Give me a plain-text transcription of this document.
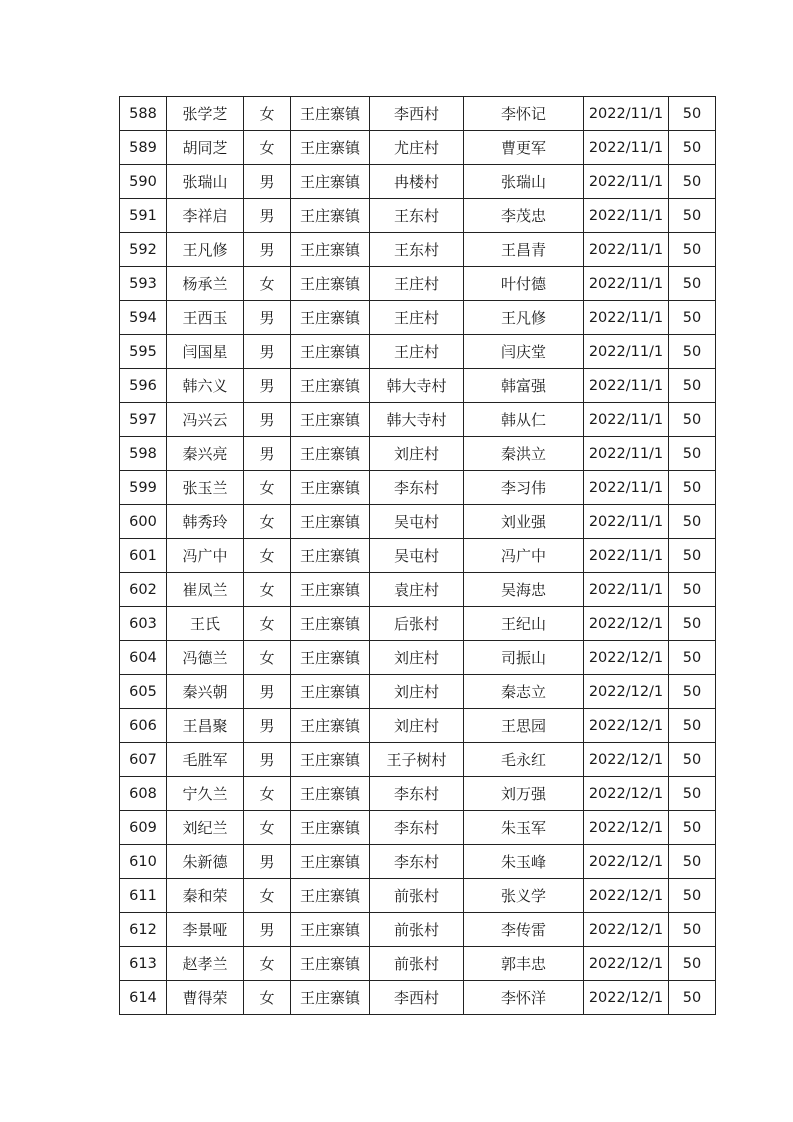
588	张学芝	女	王庄寨镇	李西村	李怀记	2022/11/1	50
589	胡同芝	女	王庄寨镇	尤庄村	曹更军	2022/11/1	50
590	张瑞山	男	王庄寨镇	冉楼村	张瑞山	2022/11/1	50
591	李祥启	男	王庄寨镇	王东村	李茂忠	2022/11/1	50
592	王凡修	男	王庄寨镇	王东村	王昌青	2022/11/1	50
593	杨承兰	女	王庄寨镇	王庄村	叶付德	2022/11/1	50
594	王西玉	男	王庄寨镇	王庄村	王凡修	2022/11/1	50
595	闫国星	男	王庄寨镇	王庄村	闫庆堂	2022/11/1	50
596	韩六义	男	王庄寨镇	韩大寺村	韩富强	2022/11/1	50
597	冯兴云	男	王庄寨镇	韩大寺村	韩从仁	2022/11/1	50
598	秦兴亮	男	王庄寨镇	刘庄村	秦洪立	2022/11/1	50
599	张玉兰	女	王庄寨镇	李东村	李习伟	2022/11/1	50
600	韩秀玲	女	王庄寨镇	吴屯村	刘业强	2022/11/1	50
601	冯广中	女	王庄寨镇	吴屯村	冯广中	2022/11/1	50
602	崔凤兰	女	王庄寨镇	袁庄村	吴海忠	2022/11/1	50
603	王氏	女	王庄寨镇	后张村	王纪山	2022/12/1	50
604	冯德兰	女	王庄寨镇	刘庄村	司振山	2022/12/1	50
605	秦兴朝	男	王庄寨镇	刘庄村	秦志立	2022/12/1	50
606	王昌聚	男	王庄寨镇	刘庄村	王思园	2022/12/1	50
607	毛胜军	男	王庄寨镇	王子树村	毛永红	2022/12/1	50
608	宁久兰	女	王庄寨镇	李东村	刘万强	2022/12/1	50
609	刘纪兰	女	王庄寨镇	李东村	朱玉军	2022/12/1	50
610	朱新德	男	王庄寨镇	李东村	朱玉峰	2022/12/1	50
611	秦和荣	女	王庄寨镇	前张村	张义学	2022/12/1	50
612	李景哑	男	王庄寨镇	前张村	李传雷	2022/12/1	50
613	赵孝兰	女	王庄寨镇	前张村	郭丰忠	2022/12/1	50
614	曹得荣	女	王庄寨镇	李西村	李怀洋	2022/12/1	50
